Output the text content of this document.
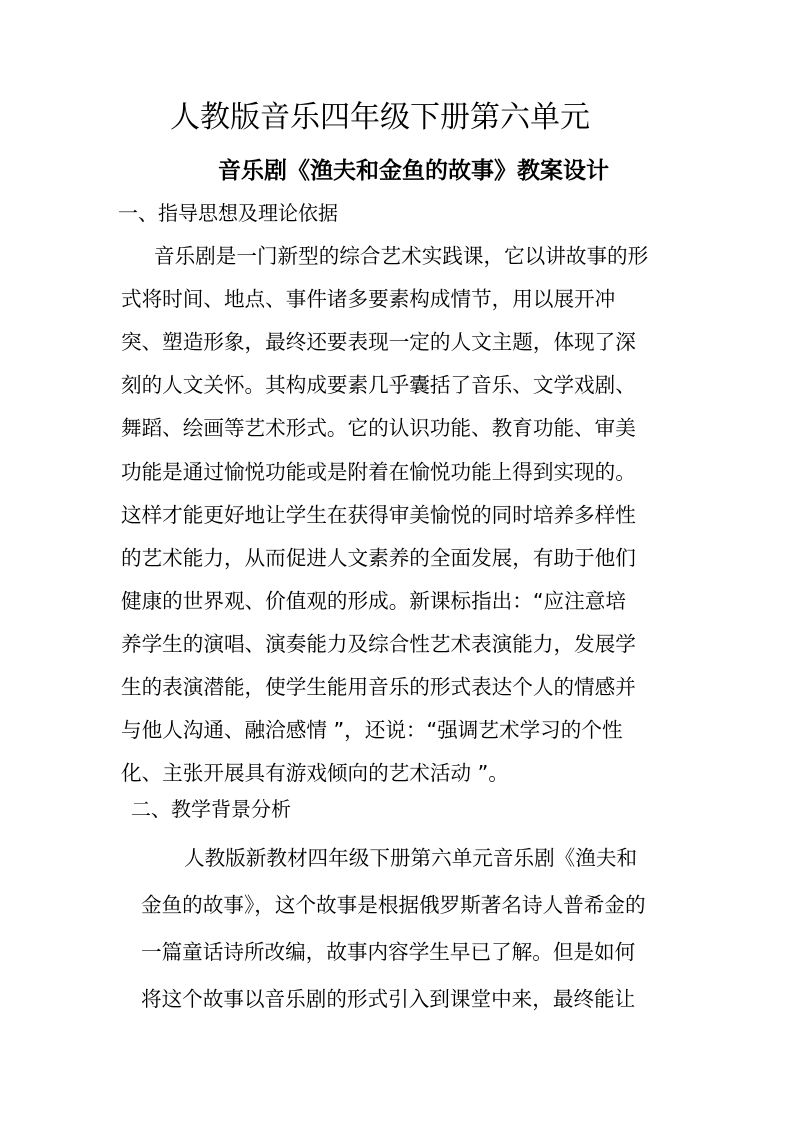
人教版音乐四年级下册第六单元
音乐剧《渔夫和金鱼的故事》教案设计
一、指导思想及理论依据
音乐剧是一门新型的综合艺术实践课，它以讲故事的形
式将时间、地点、事件诸多要素构成情节，用以展开冲
突、塑造形象，最终还要表现一定的人文主题，体现了深
刻的人文关怀。其构成要素几乎囊括了音乐、文学戏剧、
舞蹈、绘画等艺术形式。它的认识功能、教育功能、审美
功能是通过愉悦功能或是附着在愉悦功能上得到实现的。
这样才能更好地让学生在获得审美愉悦的同时培养多样性
的艺术能力，从而促进人文素养的全面发展，有助于他们
健康的世界观、价值观的形成。新课标指出：“应注意培
养学生的演唱、演奏能力及综合性艺术表演能力，发展学
生的表演潜能，使学生能用音乐的形式表达个人的情感并
与他人沟通、融洽感情 ”，还说：“强调艺术学习的个性
化、主张开展具有游戏倾向的艺术活动 ”。
二、教学背景分析
人教版新教材四年级下册第六单元音乐剧《渔夫和
金鱼的故事》，这个故事是根据俄罗斯著名诗人普希金的
一篇童话诗所改编，故事内容学生早已了解。但是如何
将这个故事以音乐剧的形式引入到课堂中来，最终能让
